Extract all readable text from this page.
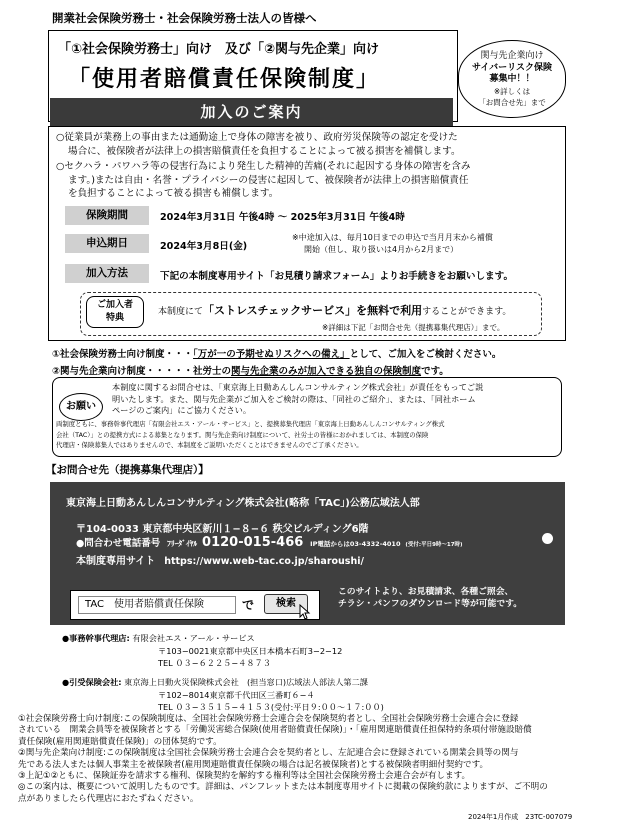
開業社会保険労務士・社会保険労務士法人の皆様へ
「①社会保険労務士」向け　及び「②関与先企業」向け
「使用者賠償責任保険制度」
加入のご案内
関与先企業向け
サイバーリスク保険
募集中！！
※詳しくは
「お問合せ先」まで
○従業員が業務上の事由または通勤途上で身体の障害を被り、政府労災保険等の認定を受けた
場合に、被保険者が法律上の損害賠償責任を負担することによって被る損害を補償します。
○セクハラ・パワハラ等の侵害行為により発生した精神的苦痛(それに起因する身体の障害を含み
ます。)または自由・名誉・プライバシーの侵害に起因して、被保険者が法律上の損害賠償責任
を負担することによって被る損害も補償します。
保険期間	2024年3月31日 午後4時 ～ 2025年3月31日 午後4時
申込期日	2024年3月8日(金)
※中途加入は、毎月10日までの申込で当月月末から補償
開始（但し、取り扱いは4月から2月まで）
加入方法	下記の本制度専用サイト「お見積り請求フォーム」よりお手続きをお願いします。
ご加入者
特典
本制度にて「ストレスチェックサービス」を無料で利用することができます。
※詳細は下記「お問合せ先（提携募集代理店）」まで。
①社会保険労務士向け制度・・・「万が一の予期せぬリスクへの備え」として、ご加入をご検討ください。
②関与先企業向け制度・・・・・社労士の関与先企業のみが加入できる独自の保険制度です。
お願い
本制度に関するお問合せは、「東京海上日動あんしんコンサルティング株式会社」が責任をもってご説
明いたします。また、関与先企業がご加入をご検討の際は、「同社のご紹介」、または、「同社ホーム
ページのご案内」にご協力ください。
両制度ともに、事務幹事代理店「有限会社エス・アール・サービス」と、提携募集代理店「東京海上日動あんしんコンサルティング株式
会社（TAC）」との提携方式による募集となります。関与先企業向け制度について、社労士の皆様におかれましては、本制度の保険
代理店・保険募集人ではありませんので、本制度をご説明いただくことはできませんのでご了承ください。
【お問合せ先（提携募集代理店）】
東京海上日動あんしんコンサルティング株式会社(略称「TAC」)公務広域法人部
〒104-0033 東京都中央区新川１−８−６ 秩父ビルディング6階
●問合わせ電話番号 ﾌﾘｰﾀﾞｲﾔﾙ 0120-015-466 IP電話からは03-4332-4010 (受付:平日9時～17時)
本制度専用サイト https://www.web-tac.co.jp/sharoushi/
TAC　使用者賠償責任保険	で	検索
このサイトより、お見積請求、各種ご照会、
チラシ・パンフのダウンロード等が可能です。
●事務幹事代理店: 有限会社エス・アール・サービス
〒103−0021東京都中央区日本橋本石町3−2−12
TEL ０３−６２２５−４８７３
●引受保険会社: 東京海上日動火災保険株式会社　(担当窓口)広域法人部法人第二課
〒102−8014東京都千代田区三番町６−４
TEL ０３−３５１５−４１５３(受付:平日９:００～１７:００)
①社会保険労務士向け制度:この保険制度は、全国社会保険労務士会連合会を保険契約者とし、全国社会保険労務士会連合会に登録
されている　開業会員等を被保険者とする「労働災害総合保険(使用者賠償責任保険)」・「雇用関連賠償責任担保特約条項付帯施設賠償
責任保険(雇用関連賠償責任保険)」の団体契約です。
②関与先企業向け制度:この保険制度は全国社会保険労務士会連合会を契約者とし、左記連合会に登録されている開業会員等の関与
先である法人または個人事業主を被保険者(雇用関連賠償責任保険の場合は記名被保険者)とする被保険者明細付契約です。
③上記①②ともに、保険証券を請求する権利、保険契約を解約する権利等は全国社会保険労務士会連合会が有します。
◎この案内は、概要について説明したものです。詳細は、パンフレットまたは本制度専用サイトに掲載の保険約款によりますが、ご不明の
点がありましたら代理店におたずねください。
2024年1月作成　23TC-007079
